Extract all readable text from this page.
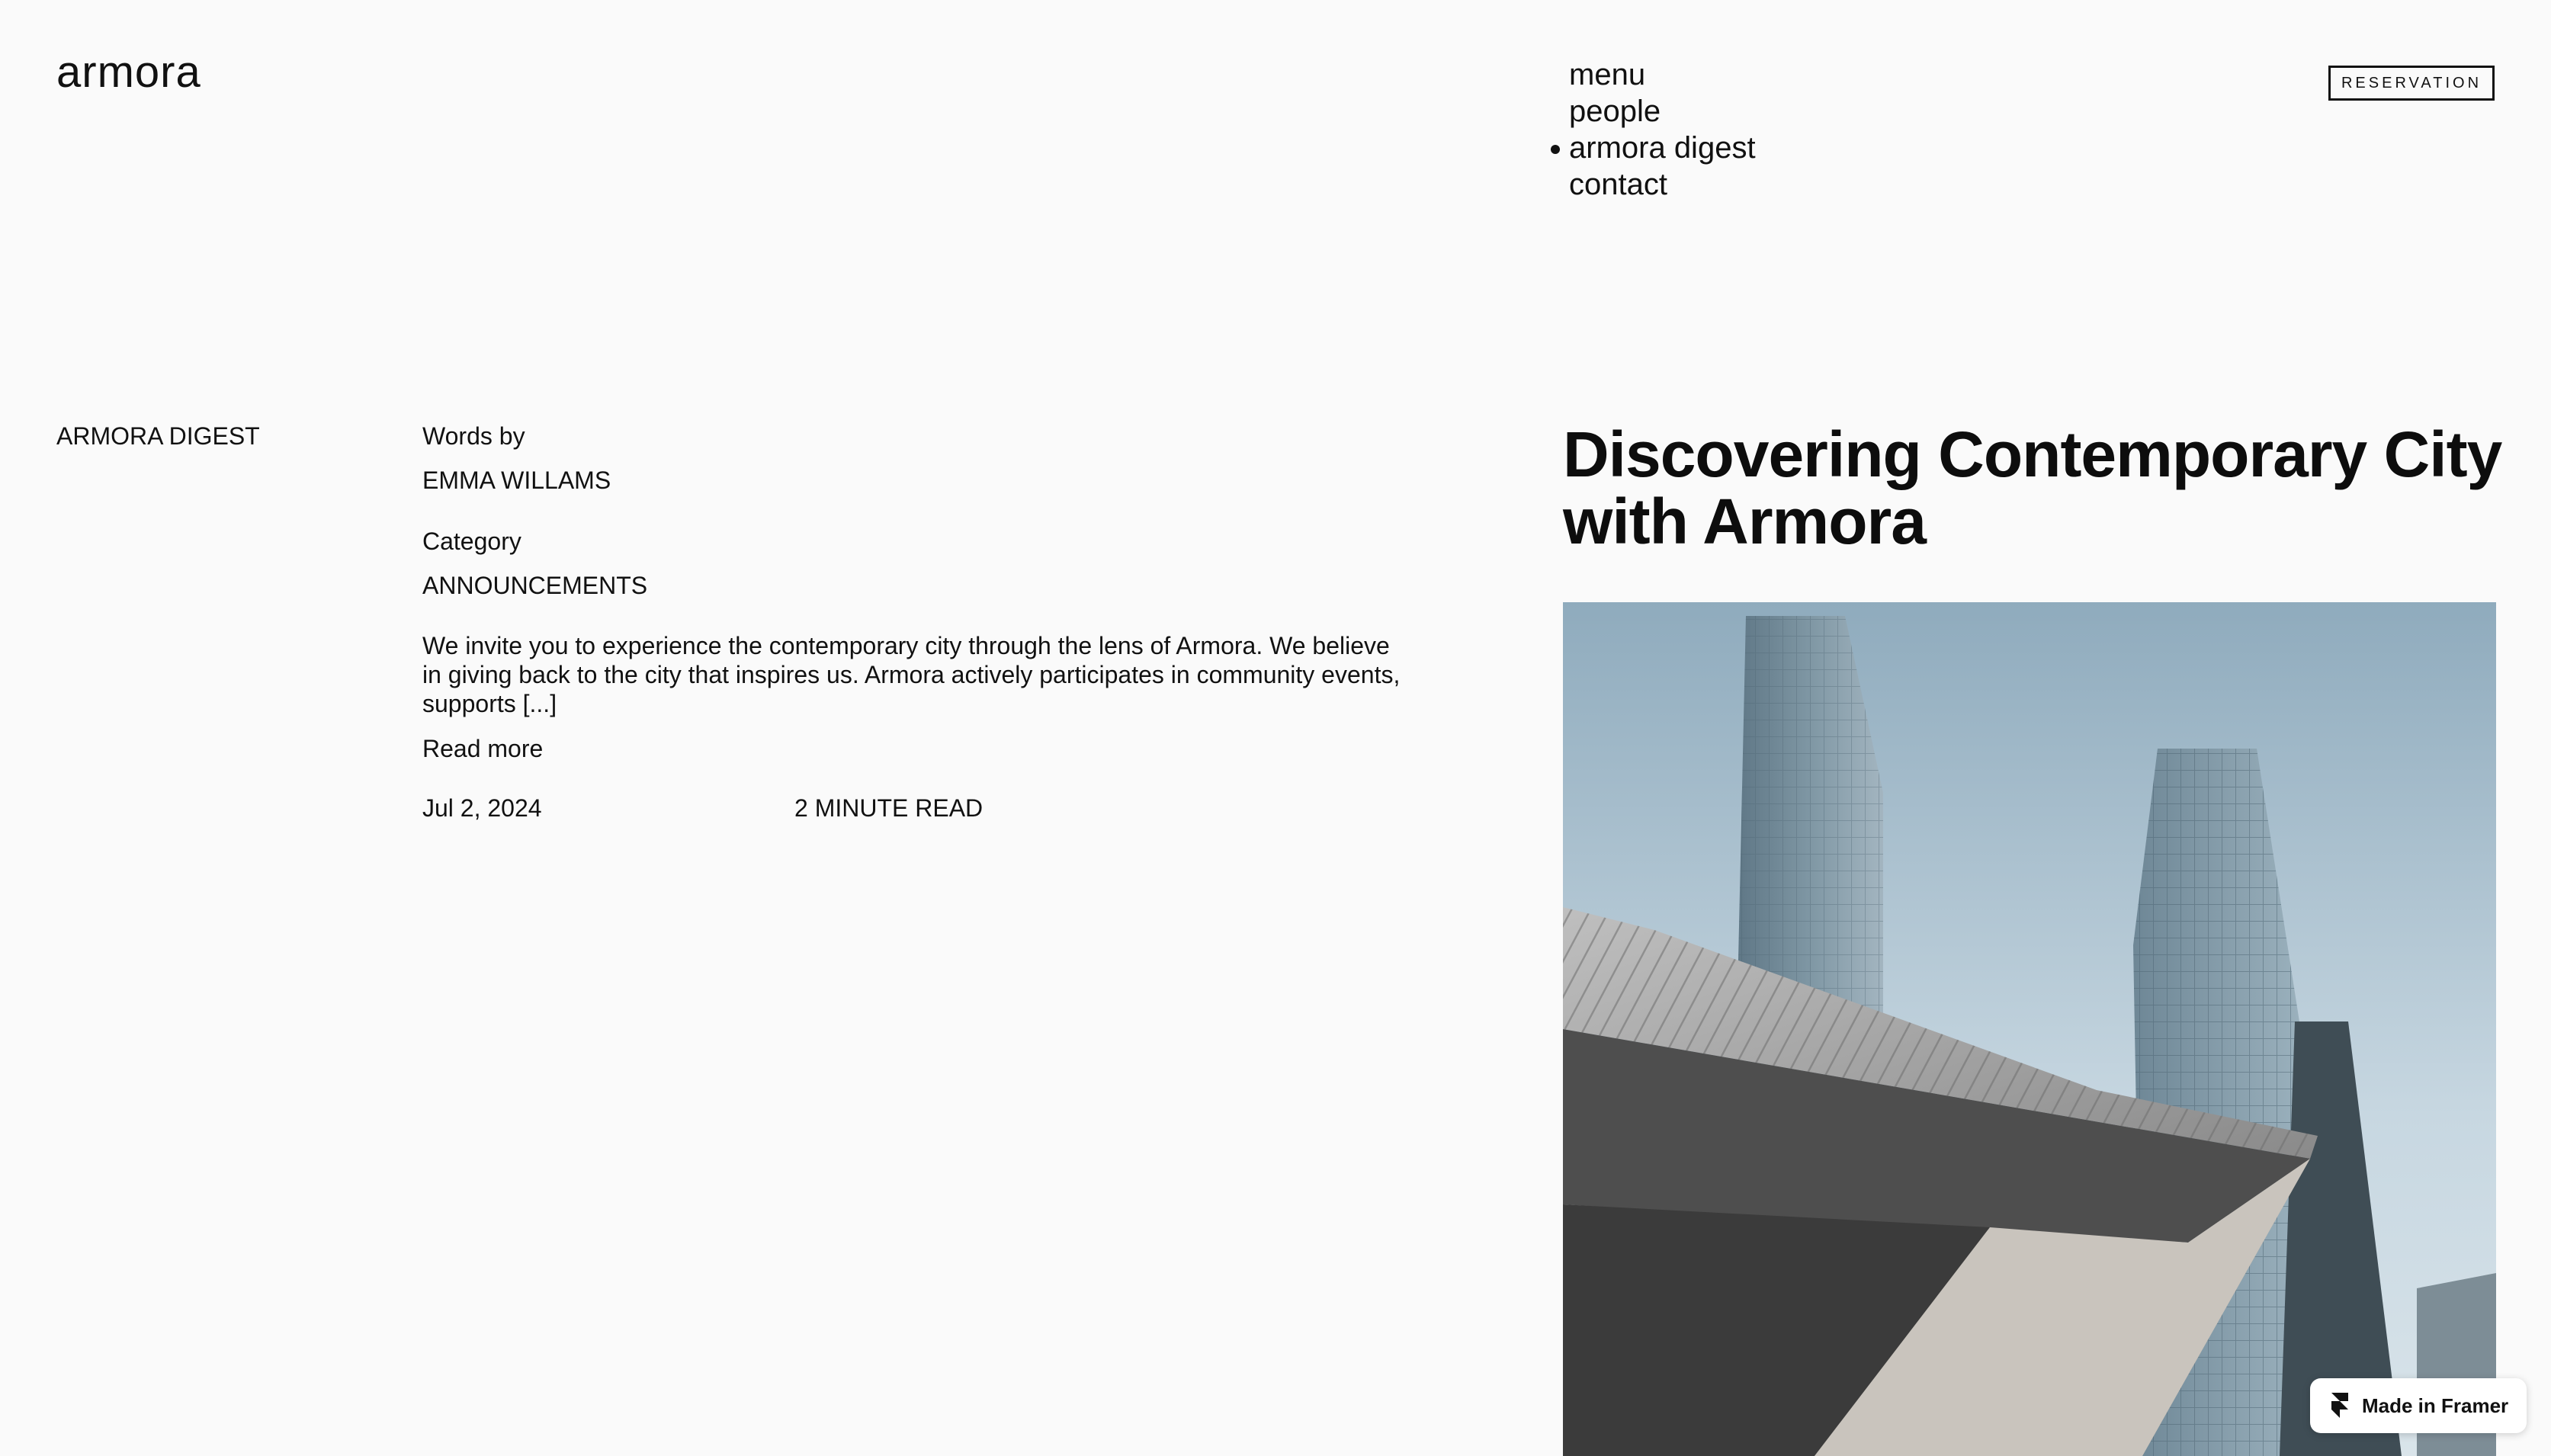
armora	menu
people
armora digest
contact
RESERVATION
ARMORA DIGEST	Words by
EMMA WILLAMS
Category
ANNOUNCEMENTS
We invite you to experience the contemporary city through the lens of Armora. We believe in giving back to the city that inspires us. Armora actively participates in community events, supports [...]
Read more
Jul 2, 2024	2 MINUTE READ
Discovering Contemporary City with Armora
Made in Framer
